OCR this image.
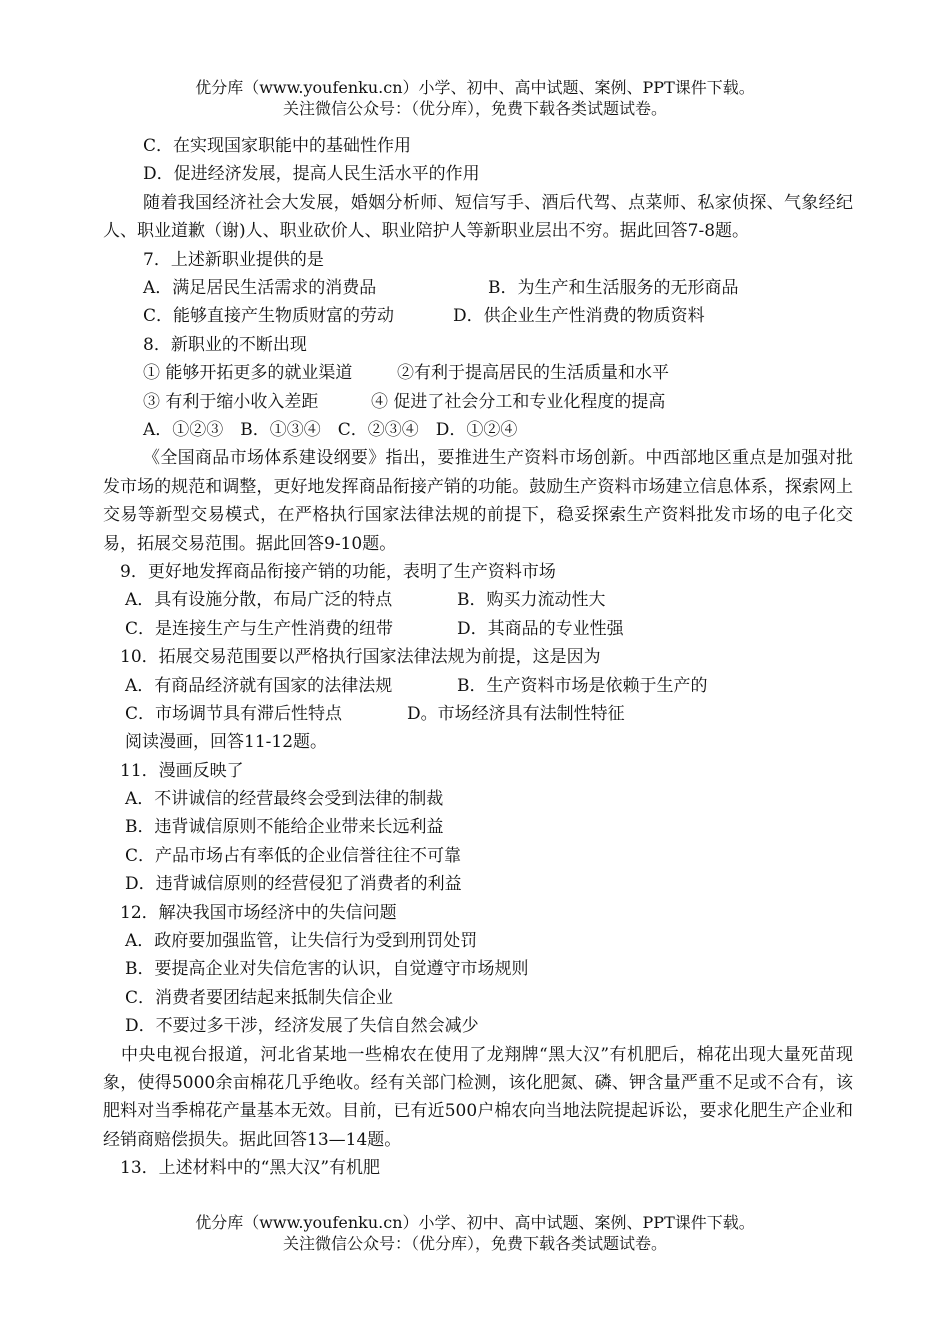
优分库（www.youfenku.cn）小学、初中、高中试题、案例、PPT课件下载。
关注微信公众号：（优分库），免费下载各类试题试卷。
C．在实现国家职能中的基础性作用
D．促进经济发展，提高人民生活水平的作用
随着我国经济社会大发展，婚姻分析师、短信写手、酒后代驾、点菜师、私家侦探、气象经纪人、职业道歉（谢)人、职业砍价人、职业陪护人等新职业层出不穷。据此回答7-8题。
7．上述新职业提供的是
A．满足居民生活需求的消费品	B．为生产和生活服务的无形商品
C．能够直接产生物质财富的劳动	D．供企业生产性消费的物质资料
8．新职业的不断出现
① 能够开拓更多的就业渠道	②有利于提高居民的生活质量和水平
③ 有利于缩小收入差距	④ 促进了社会分工和专业化程度的提高
A．①②③　B．①③④　C．②③④　D．①②④
《全国商品市场体系建设纲要》指出，要推进生产资料市场创新。中西部地区重点是加强对批发市场的规范和调整，更好地发挥商品衔接产销的功能。鼓励生产资料市场建立信息体系，探索网上交易等新型交易模式，在严格执行国家法律法规的前提下，稳妥探索生产资料批发市场的电子化交易，拓展交易范围。据此回答9-10题。
9．更好地发挥商品衔接产销的功能，表明了生产资料市场
A．具有设施分散，布局广泛的特点	B．购买力流动性大
C．是连接生产与生产性消费的纽带	D．其商品的专业性强
10．拓展交易范围要以严格执行国家法律法规为前提，这是因为
A．有商品经济就有国家的法律法规	B．生产资料市场是依赖于生产的
C．市场调节具有滞后性特点	D。市场经济具有法制性特征
阅读漫画，回答11-12题。
11．漫画反映了
A．不讲诚信的经营最终会受到法律的制裁
B．违背诚信原则不能给企业带来长远利益
C．产品市场占有率低的企业信誉往往不可靠
D．违背诚信原则的经营侵犯了消费者的利益
12．解决我国市场经济中的失信问题
A．政府要加强监管，让失信行为受到刑罚处罚
B．要提高企业对失信危害的认识，自觉遵守市场规则
C．消费者要团结起来抵制失信企业
D．不要过多干涉，经济发展了失信自然会减少
中央电视台报道，河北省某地一些棉农在使用了龙翔牌“黑大汉”有机肥后，棉花出现大量死苗现象，使得5000余亩棉花几乎绝收。经有关部门检测，该化肥氮、磷、钾含量严重不足或不合有，该肥料对当季棉花产量基本无效。目前，已有近500户棉农向当地法院提起诉讼，要求化肥生产企业和经销商赔偿损失。据此回答13—14题。
13．上述材料中的“黑大汉”有机肥
优分库（www.youfenku.cn）小学、初中、高中试题、案例、PPT课件下载。
关注微信公众号：（优分库），免费下载各类试题试卷。
